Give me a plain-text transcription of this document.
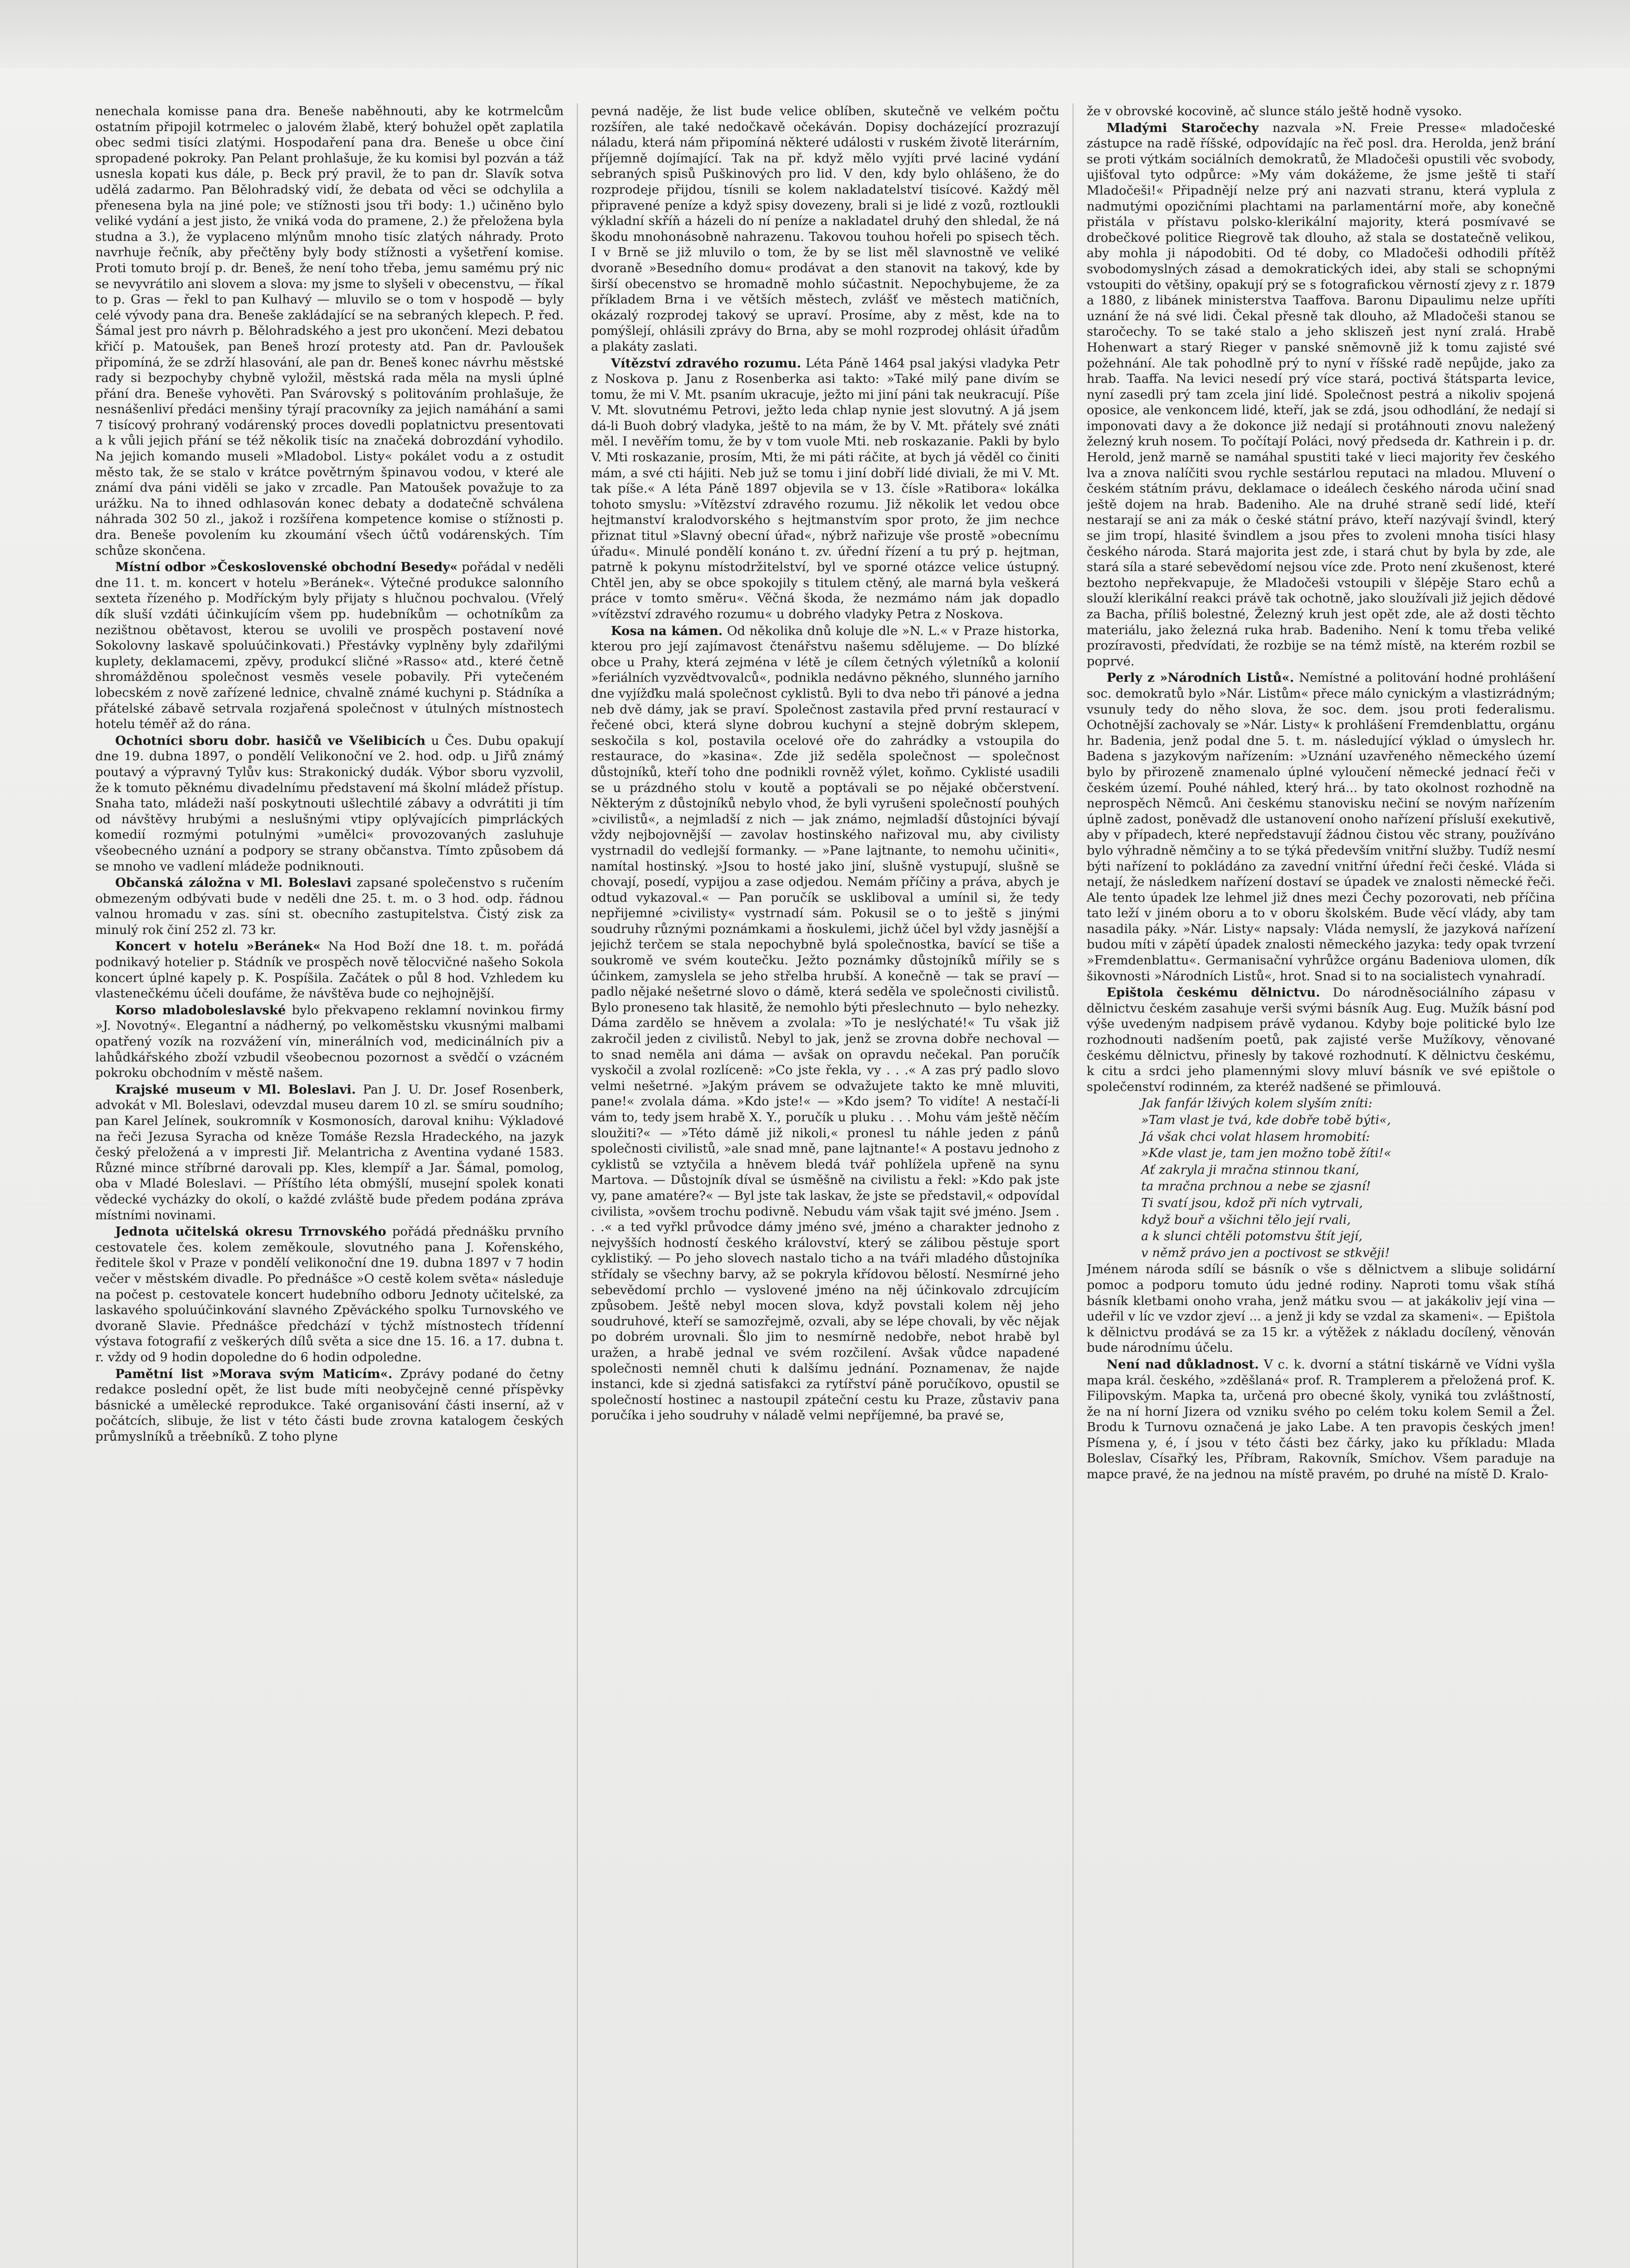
nenechala komisse pana dra. Beneše naběhnouti, aby ke kotrmelcům ostatním připojil kotrmelec o jalovém žlabě, který bohužel opět zaplatila obec sedmi tisíci zlatými. Hospodaření pana dra. Beneše u obce činí spropadené pokroky. Pan Pelant prohlašuje, že ku komisi byl pozván a táž usnesla kopati kus dále, p. Beck prý pravil, že to pan dr. Slavík sotva udělá zadarmo. Pan Bělohradský vidí, že debata od věci se odchylila a přenesena byla na jiné pole; ve stížnosti jsou tři body: 1.) učiněno bylo veliké vydání a jest jisto, že vniká voda do pramene, 2.) že přeložena byla studna a 3.), že vyplaceno mlýnům mnoho tisíc zlatých náhrady. Proto navrhuje řečník, aby přečtěny byly body stížnosti a vyšetření komise. Proti tomuto brojí p. dr. Beneš, že není toho třeba, jemu samému prý nic se nevyvrátilo ani slovem a slova: my jsme to slyšeli v obecenstvu, — říkal to p. Gras — řekl to pan Kulhavý — mluvilo se o tom v hospodě — byly celé vývody pana dra. Beneše zakládající se na sebraných klepech. P. řed. Šámal jest pro návrh p. Bělohradského a jest pro ukončení. Mezi debatou křičí p. Matoušek, pan Beneš hrozí protesty atd. Pan dr. Pavloušek připomíná, že se zdrží hlasování, ale pan dr. Beneš konec návrhu městské rady si bezpochyby chybně vyložil, městská rada měla na mysli úplné přání dra. Beneše vyhověti. Pan Svárovský s politováním prohlašuje, že nesnášenliví předáci menšiny týrají pracovníky za jejich namáhání a sami 7 tisícový prohraný vodárenský proces dovedli poplatnictvu presentovati a k vůli jejich přání se též několik tisíc na značeká dobrozdání vyhodilo. Na jejich komando museli »Mladobol. Listy« pokálet vodu a z ostudit město tak, že se stalo v krátce povětrným špinavou vodou, v které ale známí dva páni viděli se jako v zrcadle. Pan Matoušek považuje to za urážku. Na to ihned odhlasován konec debaty a dodatečně schválena náhrada 302 50 zl., jakož i rozšířena kompetence komise o stížnosti p. dra. Beneše povolením ku zkoumání všech účtů vodárenských. Tím schůze skončena.

Místní odbor »Československé obchodní Besedy« pořádal v neděli dne 11. t. m. koncert v hotelu »Beránek«. Výtečné produkce salonního sexteta řízeného p. Modříckým byly přijaty s hlučnou pochvalou. (Vřelý dík sluší vzdáti účinkujícím všem pp. hudebníkům — ochotníkům za nezištnou obětavost, kterou se uvolili ve prospěch postavení nové Sokolovny laskavě spoluúčinkovati.) Přestávky vyplněny byly zdařilými kuplety, deklamacemi, zpěvy, produkcí sličné »Rasso« atd., které četně shromážděnou společnost vesměs vesele pobavily. Při vytečeném lobecském z nově zařízené lednice, chvalně známé kuchyni p. Stádníka a přátelské zábavě setrvala rozjařená společnost v útulných místnostech hotelu téměř až do rána.

Ochotníci sboru dobr. hasičů ve Všelibicích u Čes. Dubu opakují dne 19. dubna 1897, o pondělí Velikonoční ve 2. hod. odp. u Jiřů známý poutavý a výpravný Tylův kus: Strakonický dudák. Výbor sboru vyzvolil, že k tomuto pěknému divadelnímu představení má školní mládež přístup. Snaha tato, mládeži naší poskytnouti ušlechtilé zábavy a odvrátiti ji tím od návštěvy hrubými a neslušnými vtipy oplývajících pimprláckých komedií rozmými potulnými »umělci« provozovaných zasluhuje všeobecného uznání a podpory se strany občanstva. Tímto způsobem dá se mnoho ve vadlení mládeže podniknouti.

Občanská záložna v Ml. Boleslavi zapsané společenstvo s ručením obmezeným odbývati bude v neděli dne 25. t. m. o 3 hod. odp. řádnou valnou hromadu v zas. síni st. obecního zastupitelstva. Čistý zisk za minulý rok činí 252 zl. 73 kr.

Koncert v hotelu »Beránek« Na Hod Boží dne 18. t. m. pořádá podnikavý hotelier p. Stádník ve prospěch nově tělocvičné našeho Sokola koncert úplné kapely p. K. Pospíšila. Začátek o půl 8 hod. Vzhledem ku vlastenečkému účeli doufáme, že návštěva bude co nejhojnější.

Korso mladoboleslavské bylo překvapeno reklamní novinkou firmy »J. Novotný«. Elegantní a nádherný, po velkoměstsku vkusnými malbami opatřený vozík na rozvážení vín, minerálních vod, medicinálních piv a lahůdkářského zboží vzbudil všeobecnou pozornost a svědčí o vzácném pokroku obchodním v městě našem.

Krajské museum v Ml. Boleslavi. Pan J. U. Dr. Josef Rosenberk, advokát v Ml. Boleslavi, odevzdal museu darem 10 zl. se smíru soudního; pan Karel Jelínek, soukromník v Kosmonosích, daroval knihu: Výkladové na řeči Jezusa Syracha od kněze Tomáše Rezsla Hradeckého, na jazyk český přeložená a v impresti Jiř. Melantricha z Aventina vydané 1583. Různé mince stříbrné darovali pp. Kles, klempíř a Jar. Šámal, pomolog, oba v Mladé Boleslavi. — Příštího léta obmýšlí, musejní spolek konati vědecké vycházky do okolí, o každé zvláště bude předem podána zpráva místními novinami.

Jednota učitelská okresu Trrnovského pořádá přednášku prvního cestovatele čes. kolem zeměkoule, slovutného pana J. Kořenského, ředitele škol v Praze v pondělí velikonoční dne 19. dubna 1897 v 7 hodin večer v městském divadle. Po přednášce »O cestě kolem světa« následuje na počest p. cestovatele koncert hudebního odboru Jednoty učitelské, za laskavého spoluúčinkování slavného Zpěváckého spolku Turnovského ve dvoraně Slavie. Přednášce předchází v týchž místnostech třídenní výstava fotografií z veškerých dílů světa a sice dne 15. 16. a 17. dubna t. r. vždy od 9 hodin dopoledne do 6 hodin odpoledne.

Pamětní list »Morava svým Maticím«. Zprávy podané do četny redakce poslední opět, že list bude míti neobyčejně cenné příspěvky básnické a umělecké reprodukce. Také organisování části inserní, až v počátcích, slibuje, že list v této části bude zrovna katalogem českých průmyslníků a trěebníků. Z toho plyne

pevná naděje, že list bude velice oblíben, skutečně ve velkém počtu rozšířen, ale také nedočkavě očekáván. Dopisy docházející prozrazují náladu, která nám připomíná některé události v ruském životě literárním, příjemně dojímající. Tak na př. když mělo vyjíti prvé laciné vydání sebraných spisů Puškinových pro lid. V den, kdy bylo ohlášeno, že do rozprodeje přijdou, tísnili se kolem nakladatelství tisícové. Každý měl připravené peníze a když spisy dovezeny, brali si je lidé z vozů, roztloukli výkladní skříň a házeli do ní peníze a nakladatel druhý den shledal, že ná škodu mnohonásobně nahrazenu. Takovou touhou hořeli po spisech těch. I v Brně se již mluvilo o tom, že by se list měl slavnostně ve veliké dvoraně »Besedního domu« prodávat a den stanovit na takový, kde by širší obecenstvo se hromadně mohlo súčastnit. Nepochybujeme, že za příkladem Brna i ve větších městech, zvlášť ve městech matičních, okázalý rozprodej takový se upraví. Prosíme, aby z měst, kde na to pomýšlejí, ohlásili zprávy do Brna, aby se mohl rozprodej ohlásit úřadům a plakáty zaslati.

Vítězství zdravého rozumu. Léta Páně 1464 psal jakýsi vladyka Petr z Noskova p. Janu z Rosenberka asi takto: »Také milý pane divím se tomu, že mi V. Mt. psaním ukracuje, ježto mi jiní páni tak neukracují. Píše V. Mt. slovutnému Petrovi, ježto leda chlap nynie jest slovutný. A já jsem dá-li Buoh dobrý vladyka, ještě to na mám, že by V. Mt. přátely své znáti měl. I nevěřím tomu, že by v tom vuole Mti. neb roskazanie. Pakli by bylo V. Mti roskazanie, prosím, Mti, že mi páti ráčite, at bych já věděl co činiti mám, a své cti hájiti. Neb juž se tomu i jiní dobří lidé diviali, že mi V. Mt. tak píše.« A léta Páně 1897 objevila se v 13. čísle »Ratibora« lokálka tohoto smyslu: »Vítězství zdravého rozumu. Již několik let vedou obce hejtmanství kralodvorského s hejtmanstvím spor proto, že jim nechce přiznat titul »Slavný obecní úřad«, nýbrž nařizuje vše prostě »obecnímu úřadu«. Minulé pondělí konáno t. zv. úřední řízení a tu prý p. hejtman, patrně k pokynu místodržitelství, byl ve sporné otázce velice ústupný. Chtěl jen, aby se obce spokojily s titulem ctěný, ale marná byla veškerá práce v tomto směru«. Věčná škoda, že nezmámo nám jak dopadlo »vítězství zdravého rozumu« u dobrého vladyky Petra z Noskova.

Kosa na kámen. Od několika dnů koluje dle »N. L.« v Praze historka, kterou pro její zajímavost čtenářstvu našemu sdělujeme. — Do blízké obce u Prahy, která zejména v létě je cílem četných výletníků a kolonií »feriálních vyzvědtvovalců«, podnikla nedávno pěkného, slunného jarního dne vyjížďku malá společnost cyklistů. Byli to dva nebo tři pánové a jedna neb dvě dámy, jak se praví. Společnost zastavila před první restaurací v řečené obci, která slyne dobrou kuchyní a stejně dobrým sklepem, seskočila s kol, postavila ocelové oře do zahrádky a vstoupila do restaurace, do »kasina«. Zde již seděla společnost — společnost důstojníků, kteří toho dne podnikli rovněž výlet, koňmo. Cyklisté usadili se u prázdného stolu v koutě a poptávali se po nějaké občerstvení. Některým z důstojníků nebylo vhod, že byli vyrušeni společností pouhých »civilistů«, a nejmladší z nich — jak známo, nejmladší důstojníci bývají vždy nejbojovnější — zavolav hostinského nařizoval mu, aby civilisty vystrnadil do vedlejší formanky. — »Pane lajtnante, to nemohu učiniti«, namítal hostinský. »Jsou to hosté jako jiní, slušně vystupují, slušně se chovají, posedí, vypijou a zase odjedou. Nemám příčiny a práva, abych je odtud vykazoval.« — Pan poručík se uskliboval a umínil si, že tedy nepřijemné »civilisty« vystrnadí sám. Pokusil se o to ještě s jinými soudruhy různými poznámkami a ňoskulemi, jichž účel byl vždy jasnější a jejichž terčem se stala nepochybně bylá společnostka, bavící se tiše a soukromě ve svém koutečku. Ježto poznámky důstojníků mířily se s účinkem, zamyslela se jeho střelba hrubší. A konečně — tak se praví — padlo nějaké nešetrné slovo o dámě, která seděla ve společnosti civilistů. Bylo proneseno tak hlasitě, že nemohlo býti přeslechnuto — bylo nehezky. Dáma zardělo se hněvem a zvolala: »To je neslýchaté!« Tu však již zakročil jeden z civilistů. Nebyl to jak, jenž se zrovna dobře nechoval — to snad neměla ani dáma — avšak on opravdu nečekal. Pan poručík vyskočil a zvolal rozlíceně: »Co jste řekla, vy . . .« A zas prý padlo slovo velmi nešetrné. »Jakým právem se odvažujete takto ke mně mluviti, pane!« zvolala dáma. »Kdo jste!« — »Kdo jsem? To vidíte! A nestačí-li vám to, tedy jsem hrabě X. Y., poručík u pluku . . . Mohu vám ještě něčím sloužiti?« — »Této dámě již nikoli,« pronesl tu náhle jeden z pánů společnosti civilistů, »ale snad mně, pane lajtnante!« A postavu jednoho z cyklistů se vztyčila a hněvem bledá tvář pohlížela upřeně na synu Martova. — Důstojník díval se úsměšně na civilistu a řekl: »Kdo pak jste vy, pane amatére?« — Byl jste tak laskav, že jste se představil,« odpovídal civilista, »ovšem trochu podivně. Nebudu vám však tajit své jméno. Jsem . . .« a ted vyřkl průvodce dámy jméno své, jméno a charakter jednoho z nejvyšších hodností českého království, který se zálibou pěstuje sport cyklistiký. — Po jeho slovech nastalo ticho a na tváři mladého důstojníka střídaly se všechny barvy, až se pokryla křídovou bělostí. Nesmírné jeho sebevědomí prchlo — vyslovené jméno na něj účinkovalo zdrcujícím způsobem. Ještě nebyl mocen slova, když povstali kolem něj jeho soudruhové, kteří se samozřejmě, ozvali, aby se lépe chovali, by věc nějak po dobrém urovnali. Šlo jim to nesmírně nedobře, nebot hrabě byl uražen, a hrabě jednal ve svém rozčilení. Avšak vůdce napadené společnosti nemněl chuti k dalšímu jednání. Poznamenav, že najde instanci, kde si zjedná satisfakci za rytířství páně poručíkovo, opustil se společností hostinec a nastoupil zpáteční cestu ku Praze, zůstaviv pana poručíka i jeho soudruhy v náladě velmi nepříjemné, ba pravé se,

že v obrovské kocovině, ač slunce stálo ještě hodně vysoko.

Mladými Staročechy nazvala »N. Freie Presse« mladočeské zástupce na radě říšské, odpovídajíc na řeč posl. dra. Herolda, jenž brání se proti výtkám sociálních demokratů, že Mladočeši opustili věc svobody, ujišťoval tyto odpůrce: »My vám dokážeme, že jsme ještě ti staří Mladočeši!« Připadnějí nelze prý ani nazvati stranu, která vyplula z nadmutými opozičními plachtami na parlamentární moře, aby konečně přistála v přístavu polsko-klerikální majority, která posmívavé se drobečkové politice Riegrově tak dlouho, až stala se dostatečně velikou, aby mohla ji nápodobiti. Od té doby, co Mladočeši odhodili přítěž svobodomyslných zásad a demokratických idei, aby stali se schopnými vstoupiti do většiny, opakují prý se s fotografickou věrností zjevy z r. 1879 a 1880, z libánek ministerstva Taaffova. Baronu Dipaulimu nelze upříti uznání že ná své lidi. Čekal přesně tak dlouho, až Mladočeši stanou se staročechy. To se také stalo a jeho skliszeň jest nyní zralá. Hrabě Hohenwart a starý Rieger v panské sněmovně již k tomu zajisté své požehnání. Ale tak pohodlně prý to nyní v říšské radě nepůjde, jako za hrab. Taaffa. Na levici nesedí prý více stará, poctivá štátsparta levice, nyní zasedli prý tam zcela jiní lidé. Společnost pestrá a nikoliv spojená oposice, ale venkoncem lidé, kteří, jak se zdá, jsou odhodlání, že nedají si imponovati davy a že dokonce již nedají si protáhnouti znovu naležený železný kruh nosem. To počítají Poláci, nový předseda dr. Kathrein i p. dr. Herold, jenž marně se namáhal spustiti také v lieci majority řev českého lva a znova nalíčiti svou rychle sestárlou reputaci na mladou. Mluvení o českém státním právu, deklamace o ideálech českého národa učiní snad ještě dojem na hrab. Badeniho. Ale na druhé straně sedí lidé, kteří nestarají se ani za mák o české státní právo, kteří nazývají švindl, který se jim tropí, hlasité švindlem a jsou přes to zvoleni mnoha tisíci hlasy českého národa. Stará majorita jest zde, i stará chut by byla by zde, ale stará síla a staré sebevědomí nejsou více zde. Proto není zkušenost, které beztoho nepřekvapuje, že Mladočeši vstoupili v šlépěje Staro echů a slouží klerikální reakci právě tak ochotně, jako sloužívali již jejich dědové za Bacha, příliš bolestné, Železný kruh jest opět zde, ale až dosti těchto materiálu, jako železná ruka hrab. Badeniho. Není k tomu třeba veliké prozíravosti, předvídati, že rozbije se na témž místě, na kterém rozbil se poprvé.

Perly z »Národních Listů«. Nemístné a politování hodné prohlášení soc. demokratů bylo »Nár. Listům« přece málo cynickým a vlastizrádným; vsunuly tedy do něho slova, že soc. dem. jsou proti federalismu. Ochotnější zachovaly se »Nár. Listy« k prohlášení Fremdenblattu, orgánu hr. Badenia, jenž podal dne 5. t. m. následující výklad o úmyslech hr. Badena s jazykovým nařízením: »Uznání uzavřeného německého území bylo by přirozeně znamenalo úplné vyloučení německé jednací řeči v českém území. Pouhé náhled, který hrá... by tato okolnost rozhodně na neprospěch Němců. Ani českému stanovisku nečiní se novým nařízením úplně zadost, poněvadž dle ustanovení onoho nařízení přísluší exekutivě, aby v případech, které nepředstavují žádnou čistou věc strany, používáno bylo výhradně němčiny a to se týká především vnitřní služby. Tudíž nesmí býti nařízení to pokládáno za zavední vnitřní úřední řeči české. Vláda si netají, že následkem nařízení dostaví se úpadek ve znalosti německé řeči. Ale tento úpadek lze lehmel již dnes mezi Čechy pozorovati, neb příčina tato leží v jiném oboru a to v oboru školském. Bude věcí vlády, aby tam nasadila páky. »Nár. Listy« napsaly: Vláda nemyslí, že jazyková nařízení budou míti v zápětí úpadek znalosti německého jazyka: tedy opak tvrzení »Fremdenblattu«. Germanisační vyhrůžce orgánu Badeniova ulomen, dík šikovnosti »Národních Listů«, hrot. Snad si to na socialistech vynahradí.

Epištola českému dělnictvu. Do národněsociálního zápasu v dělnictvu českém zasahuje verši svými básník Aug. Eug. Mužík básní pod výše uvedeným nadpisem právě vydanou. Kdyby boje politické bylo lze rozhodnouti nadšením poetů, pak zajisté verše Mužíkovy, věnované českému dělnictvu, přinesly by takové rozhodnutí. K dělnictvu českému, k citu a srdci jeho plamennými slovy mluví básník ve své epištole o společenství rodinném, za kteréž nadšené se přimlouvá.

Jak fanfár lživých kolem slyším zníti:

»Tam vlast je tvá, kde dobře tobě býti«,

Já však chci volat hlasem hromobití:

»Kde vlast je, tam jen možno tobě žíti!«

Ať zakryla ji mračna stinnou tkaní,

ta mračna prchnou a nebe se zjasní!

Ti svatí jsou, kdož při ních vytrvali,

když bouř a všichni tělo její rvali,

a k slunci chtěli potomstvu štít její,

v němž právo jen a poctivost se stkvěji!

Jménem národa sdílí se básník o vše s dělnictvem a slibuje solidární pomoc a podporu tomuto údu jedné rodiny. Naproti tomu však stíhá básník kletbami onoho vraha, jenž mátku svou — at jakákoliv její vina — udeřil v líc ve vzdor zjeví ... a jenž ji kdy se vzdal za skameni«. — Epištola k dělnictvu prodává se za 15 kr. a výtěžek z nákladu docílený, věnován bude národnímu účelu.

Není nad důkladnost. V c. k. dvorní a státní tiskárně ve Vídni vyšla mapa král. českého, »zděšlaná« prof. R. Tramplerem a přeložená prof. K. Filipovským. Mapka ta, určená pro obecné školy, vyniká tou zvláštností, že na ní horní Jizera od vzniku svého po celém toku kolem Semil a Žel. Brodu k Turnovu označená je jako Labe. A ten pravopis českých jmen! Písmena y, é, í jsou v této části bez čárky, jako ku příkladu: Mlada Boleslav, Císařký les, Příbram, Rakovník, Smíchov. Všem paraduje na mapce pravé, že na jednou na místě pravém, po druhé na místě D. Kralo-
